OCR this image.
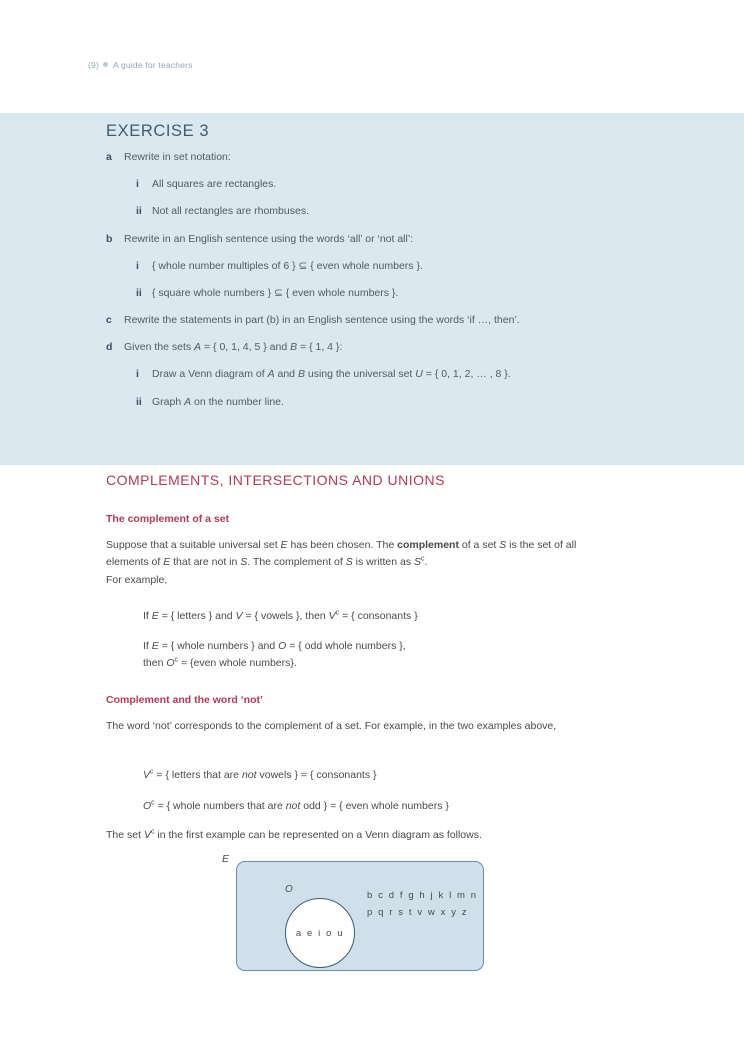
(9) A guide for teachers
EXERCISE 3
a	Rewrite in set notation:
i	All squares are rectangles.
ii Not all rectangles are rhombuses.
b	Rewrite in an English sentence using the words ‘all’ or ‘not all’:
i	{ whole number multiples of 6 } ⊆ { even whole numbers }.
ii { square whole numbers } ⊆ { even whole numbers }.
c	Rewrite the statements in part (b) in an English sentence using the words ‘if …, then’.
d	Given the sets A = { 0, 1, 4, 5 } and B = { 1, 4 }:
i	Draw a Venn diagram of A and B using the universal set U = { 0, 1, 2, … , 8 }.
ii Graph A on the number line.
COMPLEMENTS, INTERSECTIONS AND UNIONS
The complement of a set
Suppose that a suitable universal set E has been chosen. The complement of a set S is the set of all elements of E that are not in S. The complement of S is written as $S^c$.
For example,
If E = { letters } and V = { vowels }, then $V^c$ = { consonants }
If E = { whole numbers } and O = { odd whole numbers },
then $O^c$ = {even whole numbers}.
Complement and the word ‘not’
The word ‘not’ corresponds to the complement of a set. For example, in the two examples above,
$V^c$ = { letters that are not vowels } = { consonants }
$O^c$ = { whole numbers that are not odd } = { even whole numbers }
The set $V^c$ in the first example can be represented on a Venn diagram as follows.
E
O
a e i o u
b c d f g h j k l m n
p q r s t v w x y z
